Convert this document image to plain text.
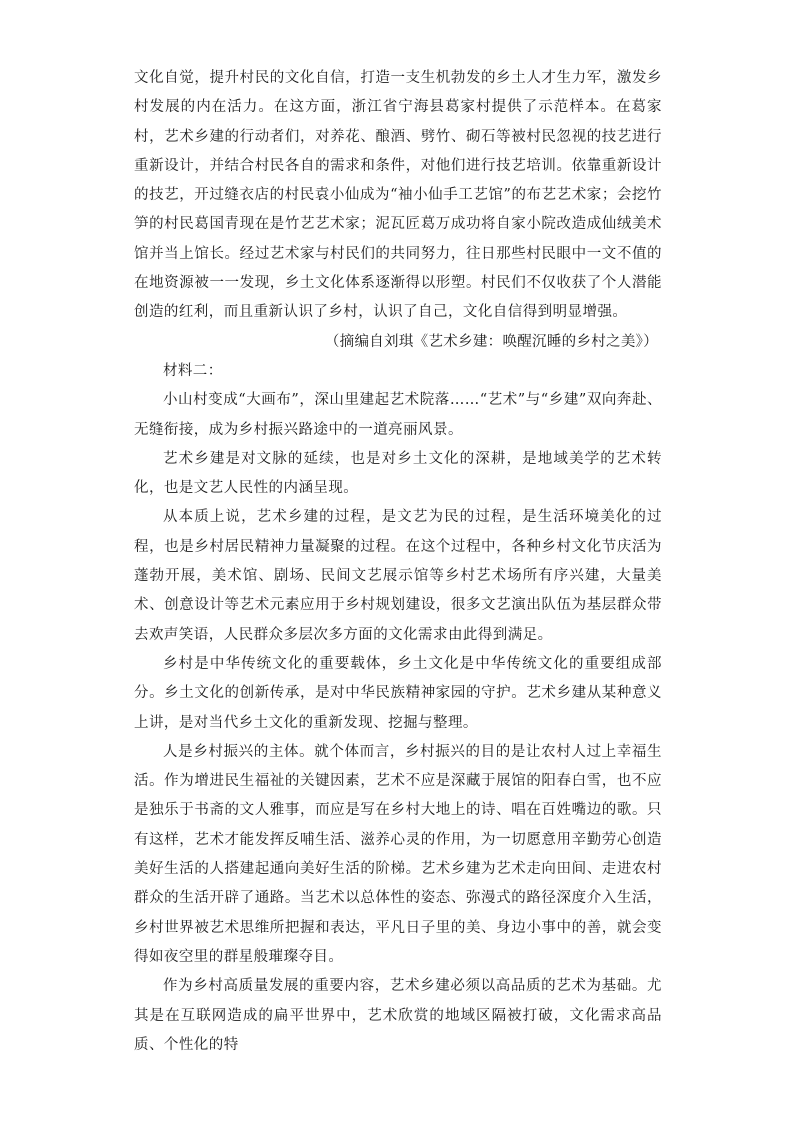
文化自觉，提升村民的文化自信，打造一支生机勃发的乡土人才生力军，激发乡村发展的内在活力。在这方面，浙江省宁海县葛家村提供了示范样本。在葛家村，艺术乡建的行动者们，对养花、酿酒、劈竹、砌石等被村民忽视的技艺进行重新设计，并结合村民各自的需求和条件，对他们进行技艺培训。依靠重新设计的技艺，开过缝衣店的村民袁小仙成为“袖小仙手工艺馆”的布艺艺术家；会挖竹笋的村民葛国青现在是竹艺艺术家；泥瓦匠葛万成功将自家小院改造成仙绒美术馆并当上馆长。经过艺术家与村民们的共同努力，往日那些村民眼中一文不值的在地资源被一一发现，乡土文化体系逐渐得以形塑。村民们不仅收获了个人潜能创造的红利，而且重新认识了乡村，认识了自己，文化自信得到明显增强。

（摘编自刘琪《艺术乡建：唤醒沉睡的乡村之美》）

材料二：

小山村变成“大画布”，深山里建起艺术院落……“艺术”与“乡建”双向奔赴、无缝衔接，成为乡村振兴路途中的一道亮丽风景。

艺术乡建是对文脉的延续，也是对乡土文化的深耕，是地域美学的艺术转化，也是文艺人民性的内涵呈现。

从本质上说，艺术乡建的过程，是文艺为民的过程，是生活环境美化的过程，也是乡村居民精神力量凝聚的过程。在这个过程中，各种乡村文化节庆活为蓬勃开展，美术馆、剧场、民间文艺展示馆等乡村艺术场所有序兴建，大量美术、创意设计等艺术元素应用于乡村规划建设，很多文艺演出队伍为基层群众带去欢声笑语，人民群众多层次多方面的文化需求由此得到满足。

乡村是中华传统文化的重要载体，乡土文化是中华传统文化的重要组成部分。乡土文化的创新传承，是对中华民族精神家园的守护。艺术乡建从某种意义上讲，是对当代乡土文化的重新发现、挖掘与整理。

人是乡村振兴的主体。就个体而言，乡村振兴的目的是让农村人过上幸福生活。作为增进民生福祉的关键因素，艺术不应是深藏于展馆的阳春白雪，也不应是独乐于书斋的文人雅事，而应是写在乡村大地上的诗、唱在百姓嘴边的歌。只有这样，艺术才能发挥反哺生活、滋养心灵的作用，为一切愿意用辛勤劳心创造美好生活的人搭建起通向美好生活的阶梯。艺术乡建为艺术走向田间、走进农村群众的生活开辟了通路。当艺术以总体性的姿态、弥漫式的路径深度介入生活，乡村世界被艺术思维所把握和表达，平凡日子里的美、身边小事中的善，就会变得如夜空里的群星般璀璨夺目。

作为乡村高质量发展的重要内容，艺术乡建必须以高品质的艺术为基础。尤其是在互联网造成的扁平世界中，艺术欣赏的地域区隔被打破，文化需求高品质、个性化的特
